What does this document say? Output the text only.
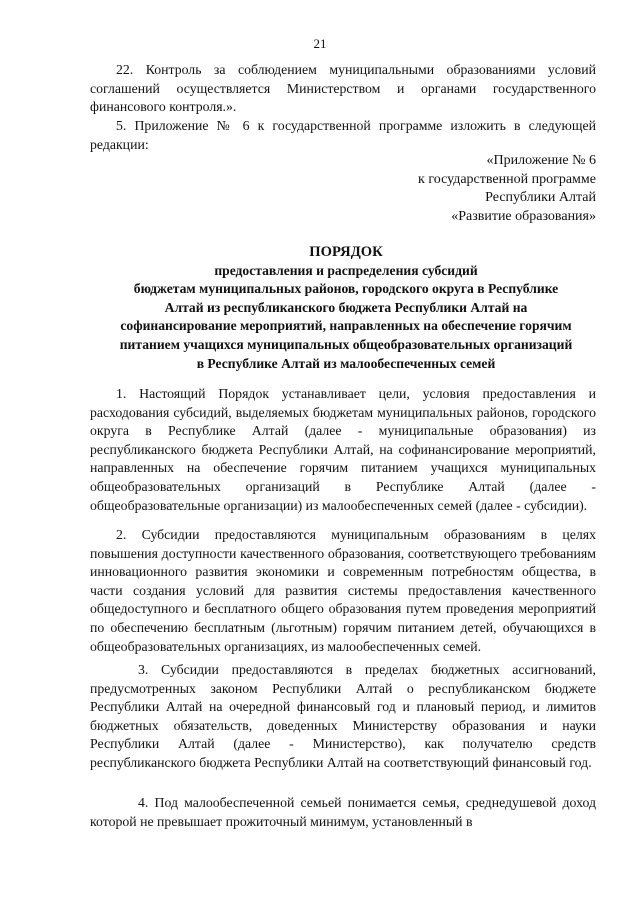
21
22. Контроль за соблюдением муниципальными образованиями условий соглашений осуществляется Министерством и органами государственного финансового контроля.».
5. Приложение № 6 к государственной программе изложить в следующей редакции:
«Приложение № 6
к государственной программе
Республики Алтай
«Развитие образования»
ПОРЯДОК
предоставления и распределения субсидий
бюджетам муниципальных районов, городского округа в Республике
Алтай из республиканского бюджета Республики Алтай на
софинансирование мероприятий, направленных на обеспечение горячим
питанием учащихся муниципальных общеобразовательных организаций
в Республике Алтай из малообеспеченных семей
1. Настоящий Порядок устанавливает цели, условия предоставления и расходования субсидий, выделяемых бюджетам муниципальных районов, городского округа в Республике Алтай (далее - муниципальные образования) из республиканского бюджета Республики Алтай, на софинансирование мероприятий, направленных на обеспечение горячим питанием учащихся муниципальных общеобразовательных организаций в Республике Алтай (далее - общеобразовательные организации) из малообеспеченных семей (далее - субсидии).
2. Субсидии предоставляются муниципальным образованиям в целях повышения доступности качественного образования, соответствующего требованиям инновационного развития экономики и современным потребностям общества, в части создания условий для развития системы предоставления качественного общедоступного и бесплатного общего образования путем проведения мероприятий по обеспечению бесплатным (льготным) горячим питанием детей, обучающихся в общеобразовательных организациях, из малообеспеченных семей.
3. Субсидии предоставляются в пределах бюджетных ассигнований, предусмотренных законом Республики Алтай о республиканском бюджете Республики Алтай на очередной финансовый год и плановый период, и лимитов бюджетных обязательств, доведенных Министерству образования и науки Республики Алтай (далее - Министерство), как получателю средств республиканского бюджета Республики Алтай на соответствующий финансовый год.
4. Под малообеспеченной семьей понимается семья, среднедушевой доход которой не превышает прожиточный минимум, установленный в
